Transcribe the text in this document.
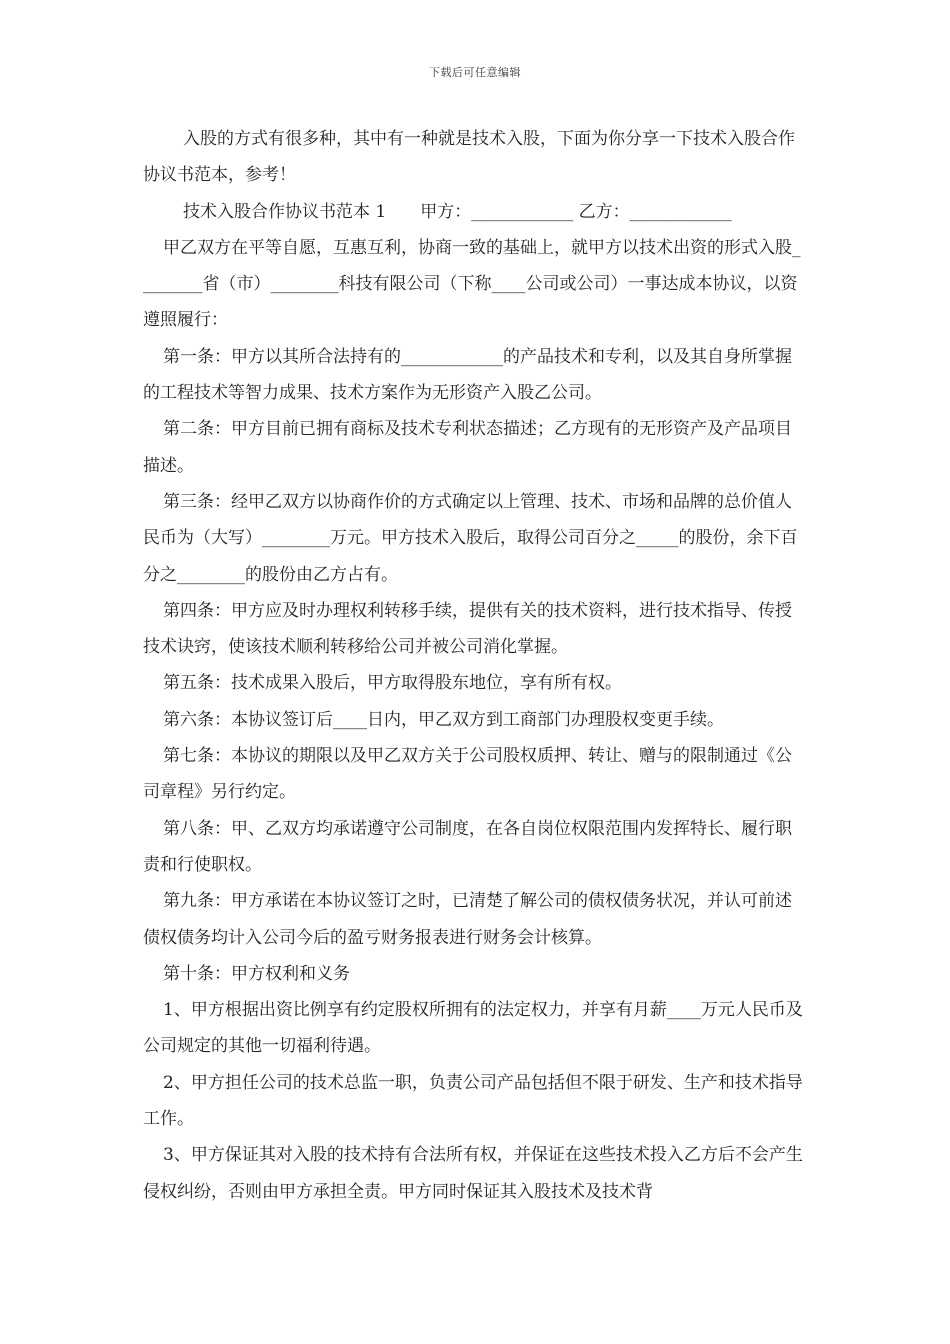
下载后可任意编辑

入股的方式有很多种，其中有一种就是技术入股，下面为你分享一下技术入股合作协议书范本，参考！

技术入股合作协议书范本 1　　甲方：____________ 乙方：____________

甲乙双方在平等自愿，互惠互利，协商一致的基础上，就甲方以技术出资的形式入股________省（市）________科技有限公司（下称____公司或公司）一事达成本协议，以资遵照履行：

第一条：甲方以其所合法持有的____________的产品技术和专利，以及其自身所掌握的工程技术等智力成果、技术方案作为无形资产入股乙公司。

第二条：甲方目前已拥有商标及技术专利状态描述；乙方现有的无形资产及产品项目描述。

第三条：经甲乙双方以协商作价的方式确定以上管理、技术、市场和品牌的总价值人民币为（大写）________万元。甲方技术入股后，取得公司百分之_____的股份，余下百分之________的股份由乙方占有。

第四条：甲方应及时办理权利转移手续，提供有关的技术资料，进行技术指导、传授技术诀窍，使该技术顺利转移给公司并被公司消化掌握。

第五条：技术成果入股后，甲方取得股东地位，享有所有权。

第六条：本协议签订后____日内，甲乙双方到工商部门办理股权变更手续。

第七条：本协议的期限以及甲乙双方关于公司股权质押、转让、赠与的限制通过《公司章程》另行约定。

第八条：甲、乙双方均承诺遵守公司制度，在各自岗位权限范围内发挥特长、履行职责和行使职权。

第九条：甲方承诺在本协议签订之时，已清楚了解公司的债权债务状况，并认可前述债权债务均计入公司今后的盈亏财务报表进行财务会计核算。

第十条：甲方权利和义务

1、甲方根据出资比例享有约定股权所拥有的法定权力，并享有月薪____万元人民币及公司规定的其他一切福利待遇。

2、甲方担任公司的技术总监一职，负责公司产品包括但不限于研发、生产和技术指导工作。

3、甲方保证其对入股的技术持有合法所有权，并保证在这些技术投入乙方后不会产生侵权纠纷，否则由甲方承担全责。甲方同时保证其入股技术及技术背
